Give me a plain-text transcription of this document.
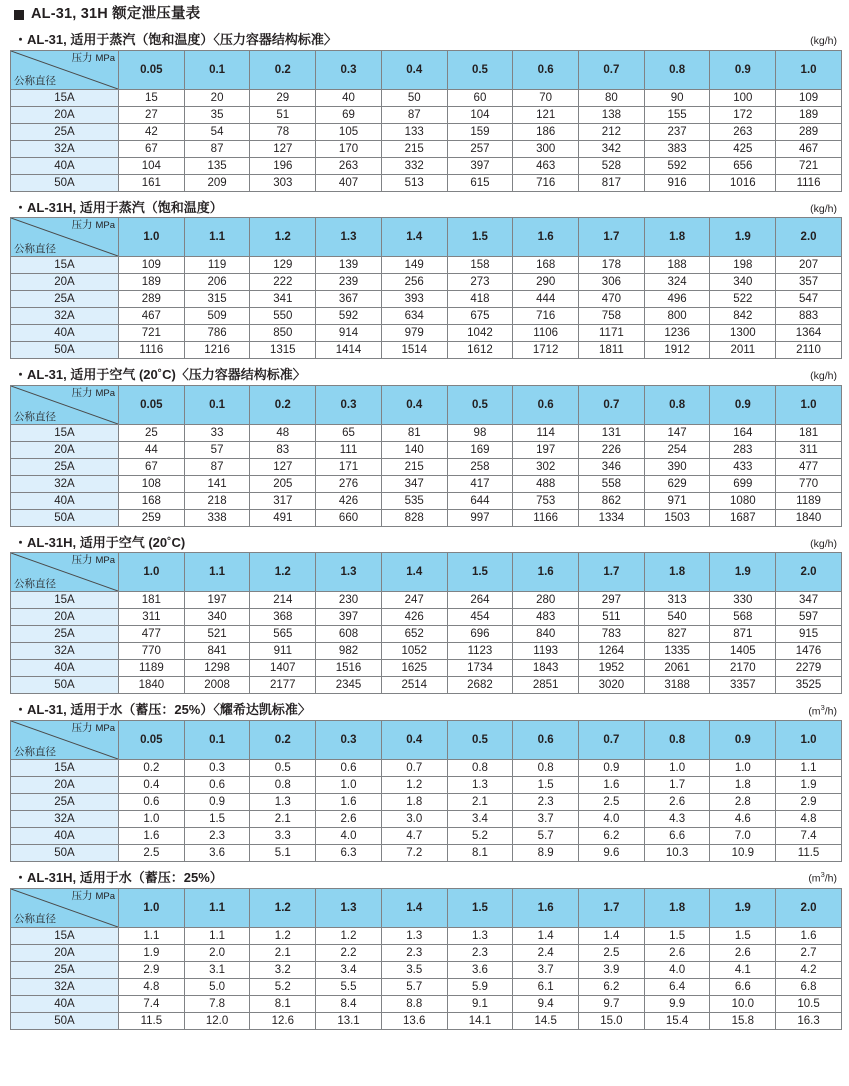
AL-31, 31H 额定泄压量表
・AL-31, 适用于蒸汽（饱和温度）〈压力容器结构标准〉	(kg/h)
压力 MPa
公称直径	0.05	0.1	0.2	0.3	0.4	0.5	0.6	0.7	0.8	0.9	1.0
15A	15	20	29	40	50	60	70	80	90	100	109
20A	27	35	51	69	87	104	121	138	155	172	189
25A	42	54	78	105	133	159	186	212	237	263	289
32A	67	87	127	170	215	257	300	342	383	425	467
40A	104	135	196	263	332	397	463	528	592	656	721
50A	161	209	303	407	513	615	716	817	916	1016	1116
・AL-31H, 适用于蒸汽（饱和温度）	(kg/h)
压力 MPa
公称直径	1.0	1.1	1.2	1.3	1.4	1.5	1.6	1.7	1.8	1.9	2.0
15A	109	119	129	139	149	158	168	178	188	198	207
20A	189	206	222	239	256	273	290	306	324	340	357
25A	289	315	341	367	393	418	444	470	496	522	547
32A	467	509	550	592	634	675	716	758	800	842	883
40A	721	786	850	914	979	1042	1106	1171	1236	1300	1364
50A	1116	1216	1315	1414	1514	1612	1712	1811	1912	2011	2110
・AL-31, 适用于空气 (20˚C)〈压力容器结构标准〉	(kg/h)
压力 MPa
公称直径	0.05	0.1	0.2	0.3	0.4	0.5	0.6	0.7	0.8	0.9	1.0
15A	25	33	48	65	81	98	114	131	147	164	181
20A	44	57	83	111	140	169	197	226	254	283	311
25A	67	87	127	171	215	258	302	346	390	433	477
32A	108	141	205	276	347	417	488	558	629	699	770
40A	168	218	317	426	535	644	753	862	971	1080	1189
50A	259	338	491	660	828	997	1166	1334	1503	1687	1840
・AL-31H, 适用于空气 (20˚C)	(kg/h)
压力 MPa
公称直径	1.0	1.1	1.2	1.3	1.4	1.5	1.6	1.7	1.8	1.9	2.0
15A	181	197	214	230	247	264	280	297	313	330	347
20A	311	340	368	397	426	454	483	511	540	568	597
25A	477	521	565	608	652	696	840	783	827	871	915
32A	770	841	911	982	1052	1123	1193	1264	1335	1405	1476
40A	1189	1298	1407	1516	1625	1734	1843	1952	2061	2170	2279
50A	1840	2008	2177	2345	2514	2682	2851	3020	3188	3357	3525
・AL-31, 适用于水（蓄压：25%）〈耀希达凯标准〉	$(m^3/h)$
压力 MPa
公称直径	0.05	0.1	0.2	0.3	0.4	0.5	0.6	0.7	0.8	0.9	1.0
15A	0.2	0.3	0.5	0.6	0.7	0.8	0.8	0.9	1.0	1.0	1.1
20A	0.4	0.6	0.8	1.0	1.2	1.3	1.5	1.6	1.7	1.8	1.9
25A	0.6	0.9	1.3	1.6	1.8	2.1	2.3	2.5	2.6	2.8	2.9
32A	1.0	1.5	2.1	2.6	3.0	3.4	3.7	4.0	4.3	4.6	4.8
40A	1.6	2.3	3.3	4.0	4.7	5.2	5.7	6.2	6.6	7.0	7.4
50A	2.5	3.6	5.1	6.3	7.2	8.1	8.9	9.6	10.3	10.9	11.5
・AL-31H, 适用于水（蓄压：25%）	$(m^3/h)$
压力 MPa
公称直径	1.0	1.1	1.2	1.3	1.4	1.5	1.6	1.7	1.8	1.9	2.0
15A	1.1	1.1	1.2	1.2	1.3	1.3	1.4	1.4	1.5	1.5	1.6
20A	1.9	2.0	2.1	2.2	2.3	2.3	2.4	2.5	2.6	2.6	2.7
25A	2.9	3.1	3.2	3.4	3.5	3.6	3.7	3.9	4.0	4.1	4.2
32A	4.8	5.0	5.2	5.5	5.7	5.9	6.1	6.2	6.4	6.6	6.8
40A	7.4	7.8	8.1	8.4	8.8	9.1	9.4	9.7	9.9	10.0	10.5
50A	11.5	12.0	12.6	13.1	13.6	14.1	14.5	15.0	15.4	15.8	16.3
